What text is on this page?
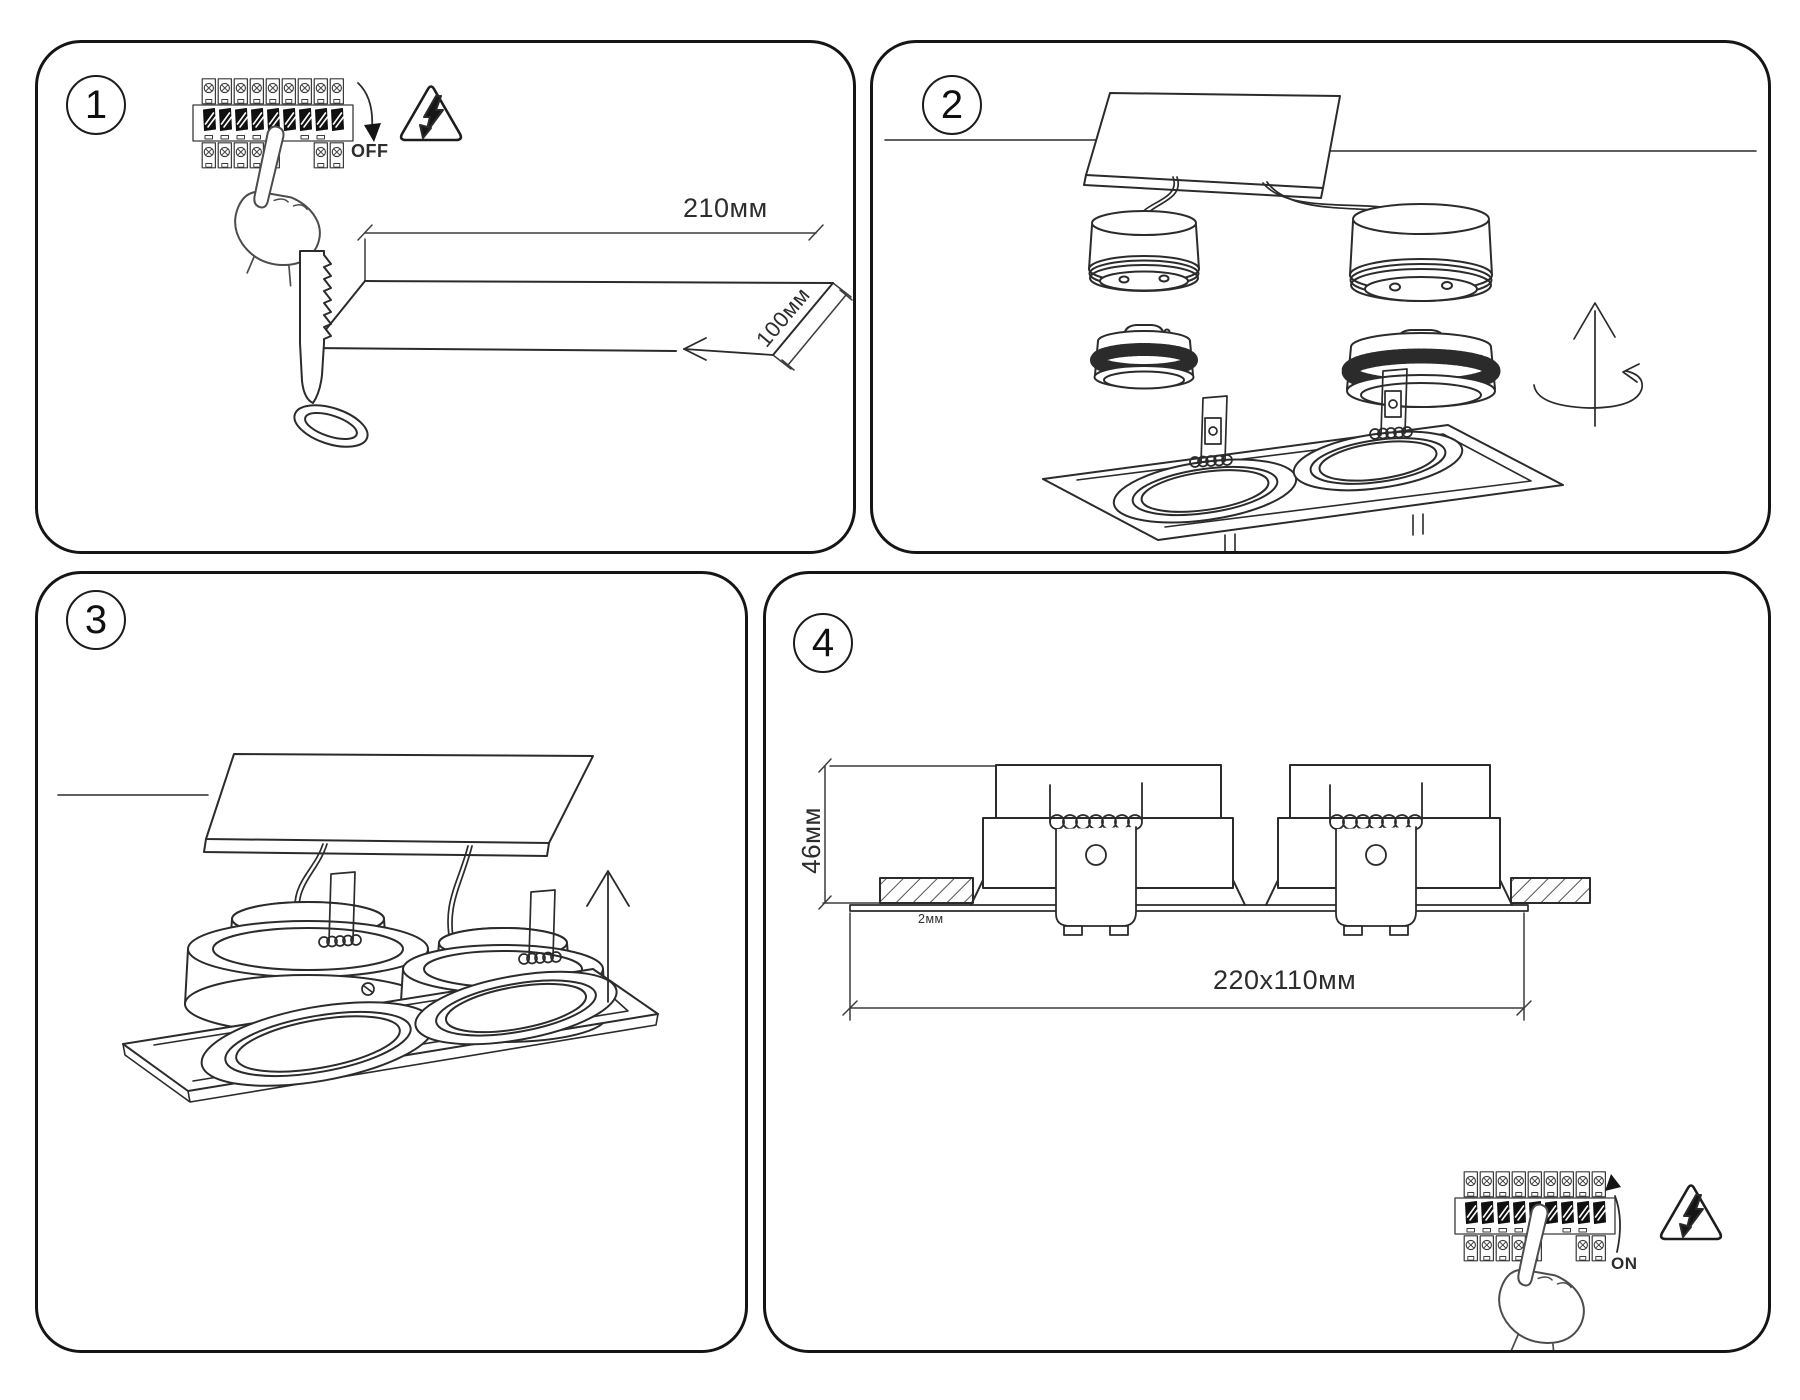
1
OFF
210мм
100мм
2
3
4
46мм
2мм
220x110мм
ON
